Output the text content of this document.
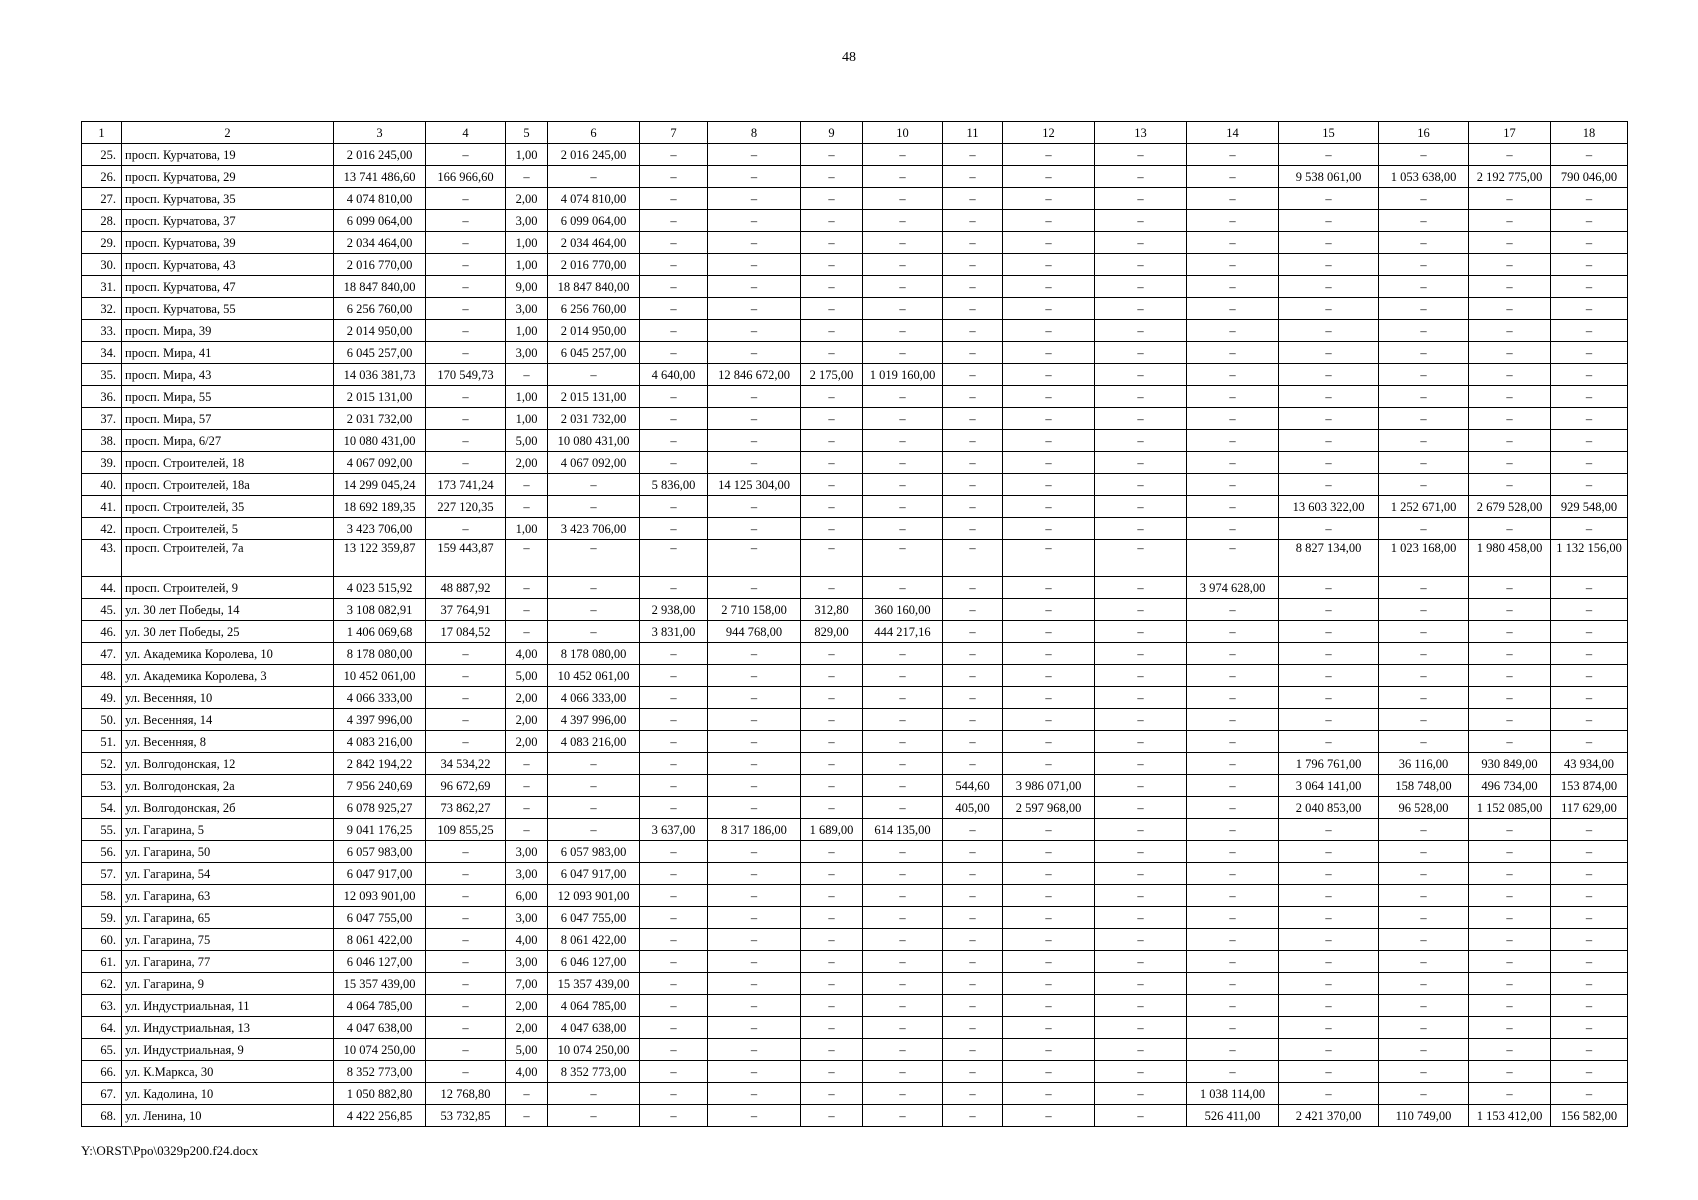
48
1	2	3	4	5	6	7	8	9	10	11	12	13	14	15	16	17	18
25.	просп. Курчатова, 19	2 016 245,00	–	1,00	2 016 245,00	–	–	–	–	–	–	–	–	–	–	–	–
26.	просп. Курчатова, 29	13 741 486,60	166 966,60	–	–	–	–	–	–	–	–	–	–	9 538 061,00	1 053 638,00	2 192 775,00	790 046,00
27.	просп. Курчатова, 35	4 074 810,00	–	2,00	4 074 810,00	–	–	–	–	–	–	–	–	–	–	–	–
28.	просп. Курчатова, 37	6 099 064,00	–	3,00	6 099 064,00	–	–	–	–	–	–	–	–	–	–	–	–
29.	просп. Курчатова, 39	2 034 464,00	–	1,00	2 034 464,00	–	–	–	–	–	–	–	–	–	–	–	–
30.	просп. Курчатова, 43	2 016 770,00	–	1,00	2 016 770,00	–	–	–	–	–	–	–	–	–	–	–	–
31.	просп. Курчатова, 47	18 847 840,00	–	9,00	18 847 840,00	–	–	–	–	–	–	–	–	–	–	–	–
32.	просп. Курчатова, 55	6 256 760,00	–	3,00	6 256 760,00	–	–	–	–	–	–	–	–	–	–	–	–
33.	просп. Мира, 39	2 014 950,00	–	1,00	2 014 950,00	–	–	–	–	–	–	–	–	–	–	–	–
34.	просп. Мира, 41	6 045 257,00	–	3,00	6 045 257,00	–	–	–	–	–	–	–	–	–	–	–	–
35.	просп. Мира, 43	14 036 381,73	170 549,73	–	–	4 640,00	12 846 672,00	2 175,00	1 019 160,00	–	–	–	–	–	–	–	–
36.	просп. Мира, 55	2 015 131,00	–	1,00	2 015 131,00	–	–	–	–	–	–	–	–	–	–	–	–
37.	просп. Мира, 57	2 031 732,00	–	1,00	2 031 732,00	–	–	–	–	–	–	–	–	–	–	–	–
38.	просп. Мира, 6/27	10 080 431,00	–	5,00	10 080 431,00	–	–	–	–	–	–	–	–	–	–	–	–
39.	просп. Строителей, 18	4 067 092,00	–	2,00	4 067 092,00	–	–	–	–	–	–	–	–	–	–	–	–
40.	просп. Строителей, 18а	14 299 045,24	173 741,24	–	–	5 836,00	14 125 304,00	–	–	–	–	–	–	–	–	–	–
41.	просп. Строителей, 35	18 692 189,35	227 120,35	–	–	–	–	–	–	–	–	–	–	13 603 322,00	1 252 671,00	2 679 528,00	929 548,00
42.	просп. Строителей, 5	3 423 706,00	–	1,00	3 423 706,00	–	–	–	–	–	–	–	–	–	–	–	–
43.	просп. Строителей, 7а	13 122 359,87	159 443,87	–	–	–	–	–	–	–	–	–	–	8 827 134,00	1 023 168,00	1 980 458,00	1 132 156,00
44.	просп. Строителей, 9	4 023 515,92	48 887,92	–	–	–	–	–	–	–	–	–	3 974 628,00	–	–	–	–
45.	ул. 30 лет Победы, 14	3 108 082,91	37 764,91	–	–	2 938,00	2 710 158,00	312,80	360 160,00	–	–	–	–	–	–	–	–
46.	ул. 30 лет Победы, 25	1 406 069,68	17 084,52	–	–	3 831,00	944 768,00	829,00	444 217,16	–	–	–	–	–	–	–	–
47.	ул. Академика Королева, 10	8 178 080,00	–	4,00	8 178 080,00	–	–	–	–	–	–	–	–	–	–	–	–
48.	ул. Академика Королева, 3	10 452 061,00	–	5,00	10 452 061,00	–	–	–	–	–	–	–	–	–	–	–	–
49.	ул. Весенняя, 10	4 066 333,00	–	2,00	4 066 333,00	–	–	–	–	–	–	–	–	–	–	–	–
50.	ул. Весенняя, 14	4 397 996,00	–	2,00	4 397 996,00	–	–	–	–	–	–	–	–	–	–	–	–
51.	ул. Весенняя, 8	4 083 216,00	–	2,00	4 083 216,00	–	–	–	–	–	–	–	–	–	–	–	–
52.	ул. Волгодонская, 12	2 842 194,22	34 534,22	–	–	–	–	–	–	–	–	–	–	1 796 761,00	36 116,00	930 849,00	43 934,00
53.	ул. Волгодонская, 2а	7 956 240,69	96 672,69	–	–	–	–	–	–	544,60	3 986 071,00	–	–	3 064 141,00	158 748,00	496 734,00	153 874,00
54.	ул. Волгодонская, 2б	6 078 925,27	73 862,27	–	–	–	–	–	–	405,00	2 597 968,00	–	–	2 040 853,00	96 528,00	1 152 085,00	117 629,00
55.	ул. Гагарина, 5	9 041 176,25	109 855,25	–	–	3 637,00	8 317 186,00	1 689,00	614 135,00	–	–	–	–	–	–	–	–
56.	ул. Гагарина, 50	6 057 983,00	–	3,00	6 057 983,00	–	–	–	–	–	–	–	–	–	–	–	–
57.	ул. Гагарина, 54	6 047 917,00	–	3,00	6 047 917,00	–	–	–	–	–	–	–	–	–	–	–	–
58.	ул. Гагарина, 63	12 093 901,00	–	6,00	12 093 901,00	–	–	–	–	–	–	–	–	–	–	–	–
59.	ул. Гагарина, 65	6 047 755,00	–	3,00	6 047 755,00	–	–	–	–	–	–	–	–	–	–	–	–
60.	ул. Гагарина, 75	8 061 422,00	–	4,00	8 061 422,00	–	–	–	–	–	–	–	–	–	–	–	–
61.	ул. Гагарина, 77	6 046 127,00	–	3,00	6 046 127,00	–	–	–	–	–	–	–	–	–	–	–	–
62.	ул. Гагарина, 9	15 357 439,00	–	7,00	15 357 439,00	–	–	–	–	–	–	–	–	–	–	–	–
63.	ул. Индустриальная, 11	4 064 785,00	–	2,00	4 064 785,00	–	–	–	–	–	–	–	–	–	–	–	–
64.	ул. Индустриальная, 13	4 047 638,00	–	2,00	4 047 638,00	–	–	–	–	–	–	–	–	–	–	–	–
65.	ул. Индустриальная, 9	10 074 250,00	–	5,00	10 074 250,00	–	–	–	–	–	–	–	–	–	–	–	–
66.	ул. К.Маркса, 30	8 352 773,00	–	4,00	8 352 773,00	–	–	–	–	–	–	–	–	–	–	–	–
67.	ул. Кадолина, 10	1 050 882,80	12 768,80	–	–	–	–	–	–	–	–	–	1 038 114,00	–	–	–	–
68.	ул. Ленина, 10	4 422 256,85	53 732,85	–	–	–	–	–	–	–	–	–	526 411,00	2 421 370,00	110 749,00	1 153 412,00	156 582,00
Y:\ORST\Ppo\0329p200.f24.docx
